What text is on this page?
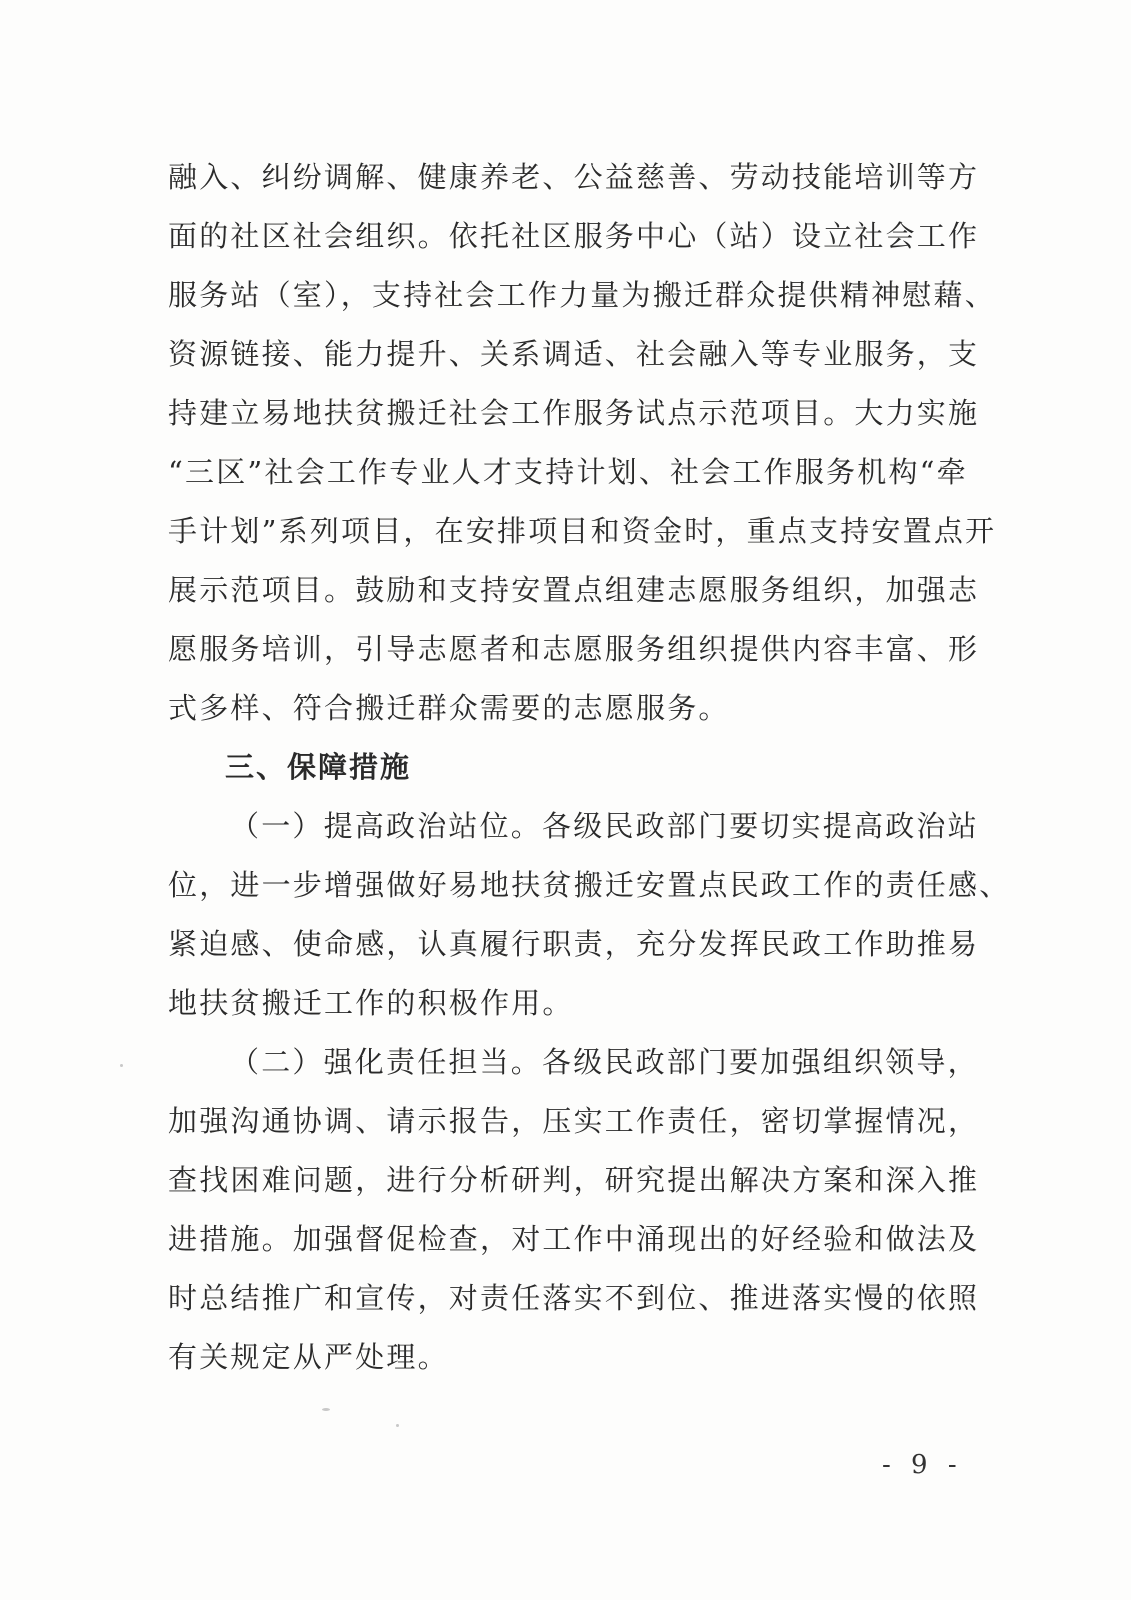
融入、纠纷调解、健康养老、公益慈善、劳动技能培训等方
面的社区社会组织。依托社区服务中心（站）设立社会工作
服务站（室），支持社会工作力量为搬迁群众提供精神慰藉、
资源链接、能力提升、关系调适、社会融入等专业服务，支
持建立易地扶贫搬迁社会工作服务试点示范项目。大力实施
“三区”社会工作专业人才支持计划、社会工作服务机构“牵
手计划”系列项目，在安排项目和资金时，重点支持安置点开
展示范项目。鼓励和支持安置点组建志愿服务组织，加强志
愿服务培训，引导志愿者和志愿服务组织提供内容丰富、形
式多样、符合搬迁群众需要的志愿服务。
三、保障措施
（一）提高政治站位。各级民政部门要切实提高政治站
位，进一步增强做好易地扶贫搬迁安置点民政工作的责任感、
紧迫感、使命感，认真履行职责，充分发挥民政工作助推易
地扶贫搬迁工作的积极作用。
（二）强化责任担当。各级民政部门要加强组织领导，
加强沟通协调、请示报告，压实工作责任，密切掌握情况，
查找困难问题，进行分析研判，研究提出解决方案和深入推
进措施。加强督促检查，对工作中涌现出的好经验和做法及
时总结推广和宣传，对责任落实不到位、推进落实慢的依照
有关规定从严处理。
- 9 -
